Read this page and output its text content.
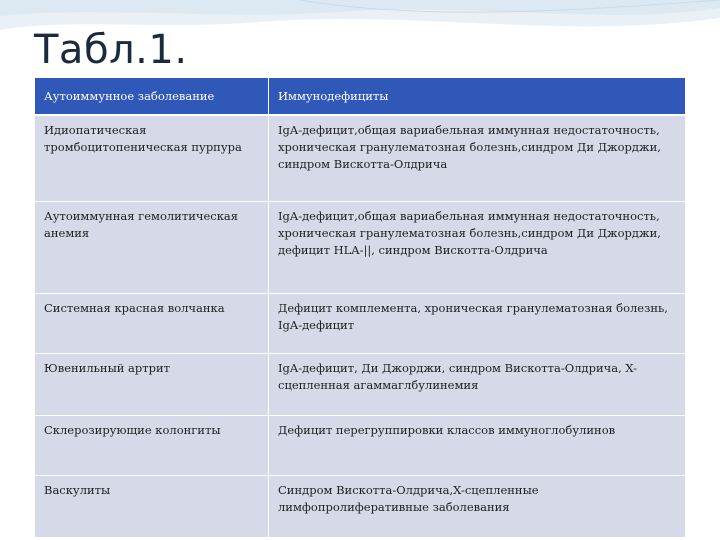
Табл.1.
Аутоиммунное заболевание	Иммунодефициты
Идиопатическая тромбоцитопеническая пурпура	IgA-дефицит,общая вариабельная иммунная недостаточность, хроническая гранулематозная болезнь,синдром Ди Джорджи, синдром Вискотта-Олдрича
Аутоиммунная гемолитическая анемия	IgA-дефицит,общая вариабельная иммунная недостаточность, хроническая гранулематозная болезнь,синдром Ди Джорджи, дефицит HLA-||, синдром Вискотта-Олдрича
Системная красная волчанка	Дефицит комплемента, хроническая гранулематозная болезнь, IgA-дефицит
Ювенильный артрит	IgA-дефицит, Ди Джорджи, синдром Вискотта-Олдрича, X-сцепленная агаммаглбулинемия
Склерозирующие колонгиты	Дефицит перегруппировки классов иммуноглобулинов
Васкулиты	Синдром Вискотта-Олдрича,X-сцепленные лимфопролиферативные заболевания
